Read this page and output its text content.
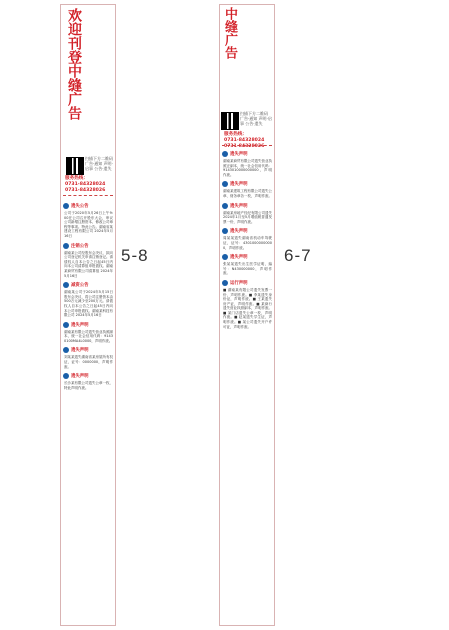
欢迎刊登中缝广告
扫描下方二维码 广告·通知 声明·启事 公告·遗失
服务热线：
0731-84328024
0731-84328026
遗失公告
公司于2020年5月26日上午9:00在公司召开股东大会，审议公司新增注册资本、修改公司章程等事项。特此公告。湖南省某建设工程有限公司 2024年5月16日
注销公告
湖南某公司经股东会决议，拟向公司登记机关申请注销登记。请债权人自本公告之日起45日内向本公司清算组申报债权。湖南某商贸有限公司清算组 2024年5月16日
减资公告
湖南某公司于2024年5月15日股东会决议，将公司注册资本由500万元减少至200万元。请债权人自本公告之日起45日内向本公司申报债权。湖南某科技有限公司 2024年5月16日
遗失声明
湖南某有限公司遗失营业执照副本，统一社会信用代码：91430100MA4L0000，声明作废。
遗失声明
刘某某遗失湖南省某房屋所有权证，证号：0000000，声明作废。
遗失声明
长沙某有限公司遗失公章一枚，特此声明作废。
5-8
中缝广告
扫描下方二维码 广告·通知 声明·启事 公告·遗失
服务热线：
0731-84328024
0731-84328026
遗失声明
湖南某商贸有限公司遗失营业执照正副本，统一社会信用代码：9143010000000000，声明作废。
遗失声明
湖南某建筑工程有限公司遗失公章、财务章各一枚，声明作废。
遗失声明
湖南某房地产经纪有限公司遗失2024年1月至5月增值税普通发票一份，声明作废。
遗失声明
周某某遗失湖南省机动车驾驶证，证号：43010000000000，声明作废。
遗失声明
张某某遗失出生医学证明，编号：N430000000，声明作废。
运行声明
■ 湖南某有限公司遗失发票一份，声明作废。■ 李某遗失身份证，声明作废。■ 王某遗失房产证，声明作废。■ 某商行遗失营业执照副本，声明作废。■ 某门店遗失公章一枚，声明作废。■ 赵某遗失学生证，声明作废。■ 某公司遗失开户许可证，声明作废。
6-7
